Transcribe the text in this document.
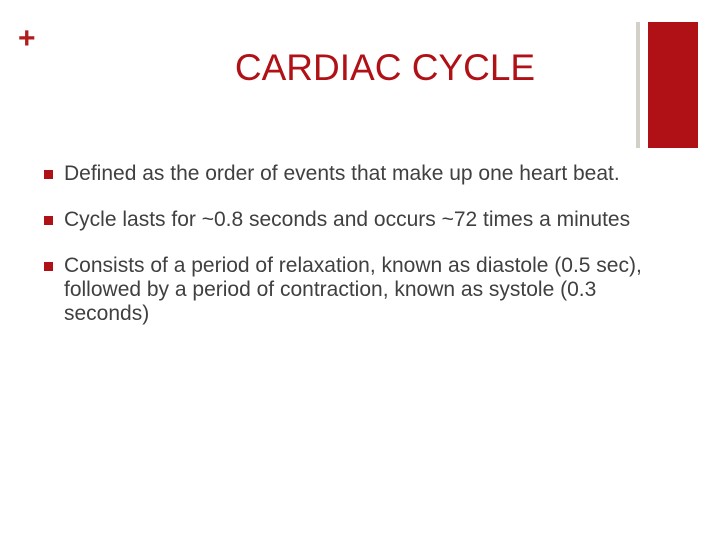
+
CARDIAC CYCLE
Defined as the order of events that make up one heart beat.
Cycle lasts for ~0.8 seconds and occurs ~72 times a minutes
Consists of a period of relaxation, known as diastole (0.5 sec), followed by a period of contraction, known as systole (0.3 seconds)
